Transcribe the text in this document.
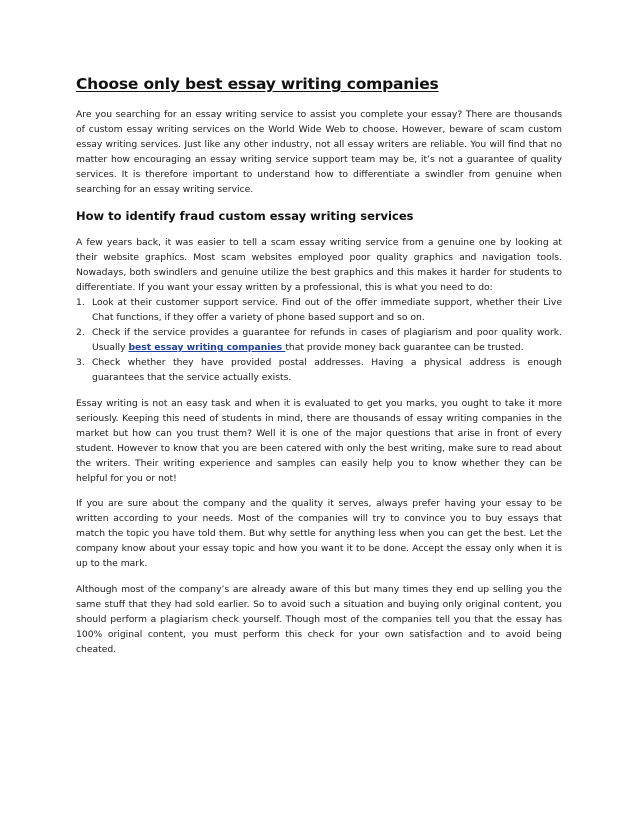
Choose only best essay writing companies

Are you searching for an essay writing service to assist you complete your essay? There are thousands of custom essay writing services on the World Wide Web to choose. However, beware of scam custom essay writing services. Just like any other industry, not all essay writers are reliable. You will find that no matter how encouraging an essay writing service support team may be, it’s not a guarantee of quality services. It is therefore important to understand how to differentiate a swindler from genuine when searching for an essay writing service.

How to identify fraud custom essay writing services

A few years back, it was easier to tell a scam essay writing service from a genuine one by looking at their website graphics. Most scam websites employed poor quality graphics and navigation tools. Nowadays, both swindlers and genuine utilize the best graphics and this makes it harder for students to differentiate. If you want your essay written by a professional, this is what you need to do:

1. Look at their customer support service. Find out of the offer immediate support, whether their Live Chat functions, if they offer a variety of phone based support and so on.
2. Check if the service provides a guarantee for refunds in cases of plagiarism and poor quality work. Usually best essay writing companies that provide money back guarantee can be trusted.
3. Check whether they have provided postal addresses. Having a physical address is enough guarantees that the service actually exists.

Essay writing is not an easy task and when it is evaluated to get you marks, you ought to take it more seriously. Keeping this need of students in mind, there are thousands of essay writing companies in the market but how can you trust them? Well it is one of the major questions that arise in front of every student. However to know that you are been catered with only the best writing, make sure to read about the writers. Their writing experience and samples can easily help you to know whether they can be helpful for you or not!

If you are sure about the company and the quality it serves, always prefer having your essay to be written according to your needs. Most of the companies will try to convince you to buy essays that match the topic you have told them. But why settle for anything less when you can get the best. Let the company know about your essay topic and how you want it to be done. Accept the essay only when it is up to the mark.

Although most of the company’s are already aware of this but many times they end up selling you the same stuff that they had sold earlier. So to avoid such a situation and buying only original content, you should perform a plagiarism check yourself. Though most of the companies tell you that the essay has 100% original content, you must perform this check for your own satisfaction and to avoid being cheated.
